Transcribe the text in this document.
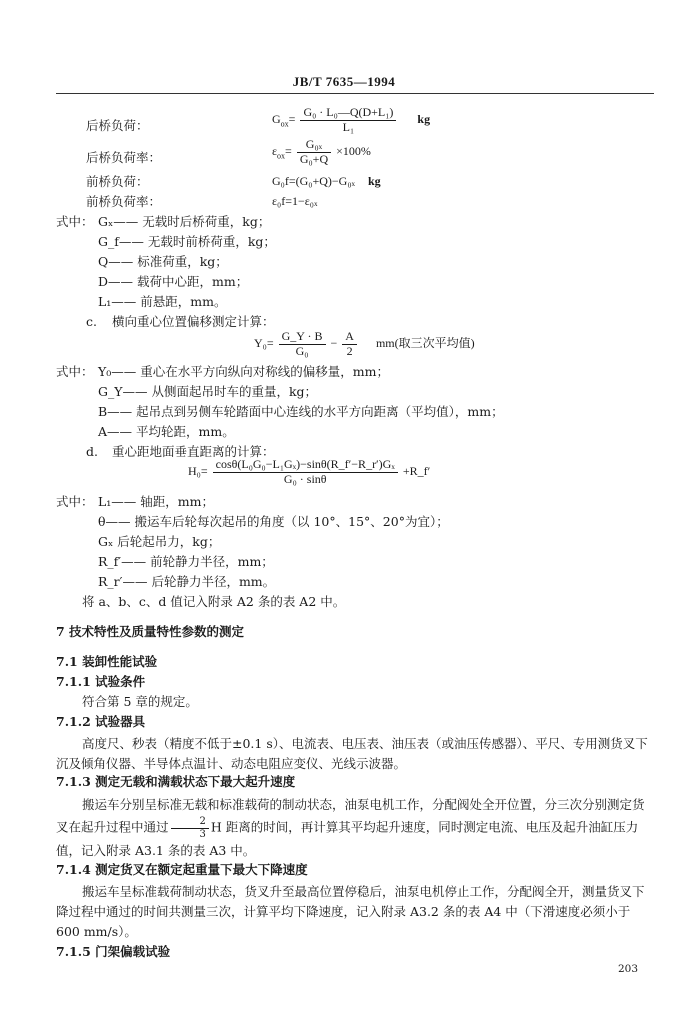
JB/T 7635—1994
后桥负荷：	$G_{ox}= \frac{\text{G₀ · L₀—Q(D+L₁)}}{\text{L₁}}$ kg
后桥负荷率：	$\varepsilon_{ox}= \frac{\text{G₀ₓ}}{\text{G₀+Q}} \times 100\%$
前桥负荷：	G₀f=(G₀+Q)−G₀ₓ kg
前桥负荷率：	ε₀f=1−ε₀ₓ
式中： Gₓ—— 无载时后桥荷重，kg；
G_f—— 无载时前桥荷重，kg；
Q—— 标准荷重，kg；
D—— 载荷中心距，mm；
L₁—— 前悬距，mm。
c. 横向重心位置偏移测定计算：
$Y_0= \frac{G\_Y \cdot B}{\text{G₀}} - \frac{A}{2} mm$(取三次平均值)
式中： Y₀—— 重心在水平方向纵向对称线的偏移量，mm；
G_Y—— 从侧面起吊时车的重量，kg；
B—— 起吊点到另侧车轮踏面中心连线的水平方向距离（平均值），mm；
A—— 平均轮距，mm。
d. 重心距地面垂直距离的计算：
$H_0= \frac{\text{cosθ(L₀G₀−L₁Gₓ)−sinθ(R\_f′−R\_r′)Gₓ}}{\text{G₀ · sinθ}}$ +R_f′
式中： L₁—— 轴距，mm；
θ—— 搬运车后轮每次起吊的角度（以 10°、15°、20°为宜）；
Gₓ 后轮起吊力，kg；
R_f′—— 前轮静力半径，mm；
R_r′—— 后轮静力半径，mm。
将 a、b、c、d 值记入附录 A2 条的表 A2 中。
7 技术特性及质量特性参数的测定
7.1 装卸性能试验
7.1.1 试验条件
符合第 5 章的规定。
7.1.2 试验器具
高度尺、秒表（精度不低于±0.1 s）、电流表、电压表、油压表（或油压传感器）、平尺、专用测货叉下沉及倾角仪器、半导体点温计、动态电阻应变仪、光线示波器。
7.1.3 测定无载和满载状态下最大起升速度
搬运车分别呈标准无载和标准载荷的制动状态，油泵电机工作，分配阀处全开位置，分三次分别测定货叉在起升过程中通过 $\frac{2}{3}$ H 距离的时间，再计算其平均起升速度，同时测定电流、电压及起升油缸压力值，记入附录 A3.1 条的表 A3 中。
7.1.4 测定货叉在额定起重量下最大下降速度
搬运车呈标准载荷制动状态，货叉升至最高位置停稳后，油泵电机停止工作，分配阀全开，测量货叉下降过程中通过的时间共测量三次，计算平均下降速度，记入附录 A3.2 条的表 A4 中（下滑速度必须小于 600 mm/s）。
7.1.5 门架偏载试验
203
